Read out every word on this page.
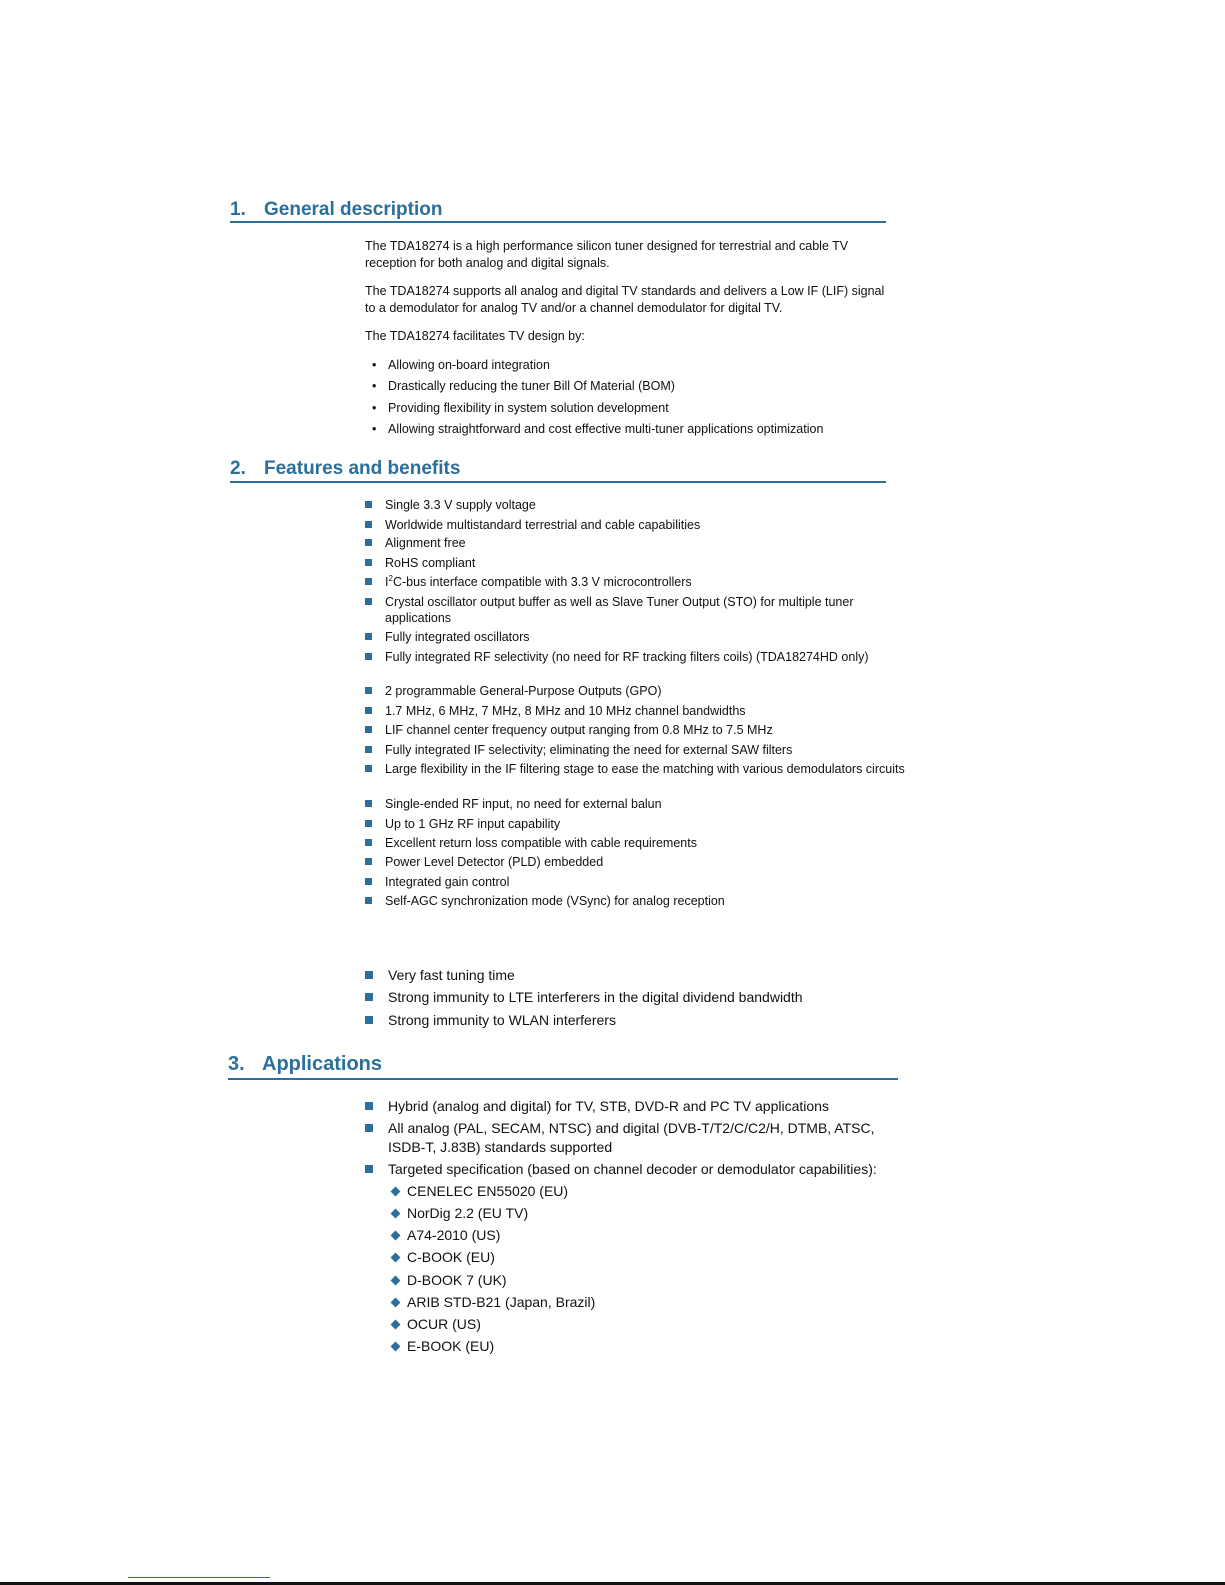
1. General description
The TDA18274 is a high performance silicon tuner designed for terrestrial and cable TV reception for both analog and digital signals.
The TDA18274 supports all analog and digital TV standards and delivers a Low IF (LIF) signal to a demodulator for analog TV and/or a channel demodulator for digital TV.
The TDA18274 facilitates TV design by:
• Allowing on-board integration
• Drastically reducing the tuner Bill Of Material (BOM)
• Providing flexibility in system solution development
• Allowing straightforward and cost effective multi-tuner applications optimization
2. Features and benefits
Single 3.3 V supply voltage
Worldwide multistandard terrestrial and cable capabilities
Alignment free
RoHS compliant
$I^2C$-bus interface compatible with 3.3 V microcontrollers
Crystal oscillator output buffer as well as Slave Tuner Output (STO) for multiple tuner applications
Fully integrated oscillators
Fully integrated RF selectivity (no need for RF tracking filters coils) (TDA18274HD only)
2 programmable General-Purpose Outputs (GPO)
1.7 MHz, 6 MHz, 7 MHz, 8 MHz and 10 MHz channel bandwidths
LIF channel center frequency output ranging from 0.8 MHz to 7.5 MHz
Fully integrated IF selectivity; eliminating the need for external SAW filters
Large flexibility in the IF filtering stage to ease the matching with various demodulators circuits
Single-ended RF input, no need for external balun
Up to 1 GHz RF input capability
Excellent return loss compatible with cable requirements
Power Level Detector (PLD) embedded
Integrated gain control
Self-AGC synchronization mode (VSync) for analog reception
Very fast tuning time
Strong immunity to LTE interferers in the digital dividend bandwidth
Strong immunity to WLAN interferers
3. Applications
Hybrid (analog and digital) for TV, STB, DVD-R and PC TV applications
All analog (PAL, SECAM, NTSC) and digital (DVB-T/T2/C/C2/H, DTMB, ATSC, ISDB-T, J.83B) standards supported
Targeted specification (based on channel decoder or demodulator capabilities):
CENELEC EN55020 (EU)
NorDig 2.2 (EU TV)
A74-2010 (US)
C-BOOK (EU)
D-BOOK 7 (UK)
ARIB STD-B21 (Japan, Brazil)
OCUR (US)
E-BOOK (EU)
